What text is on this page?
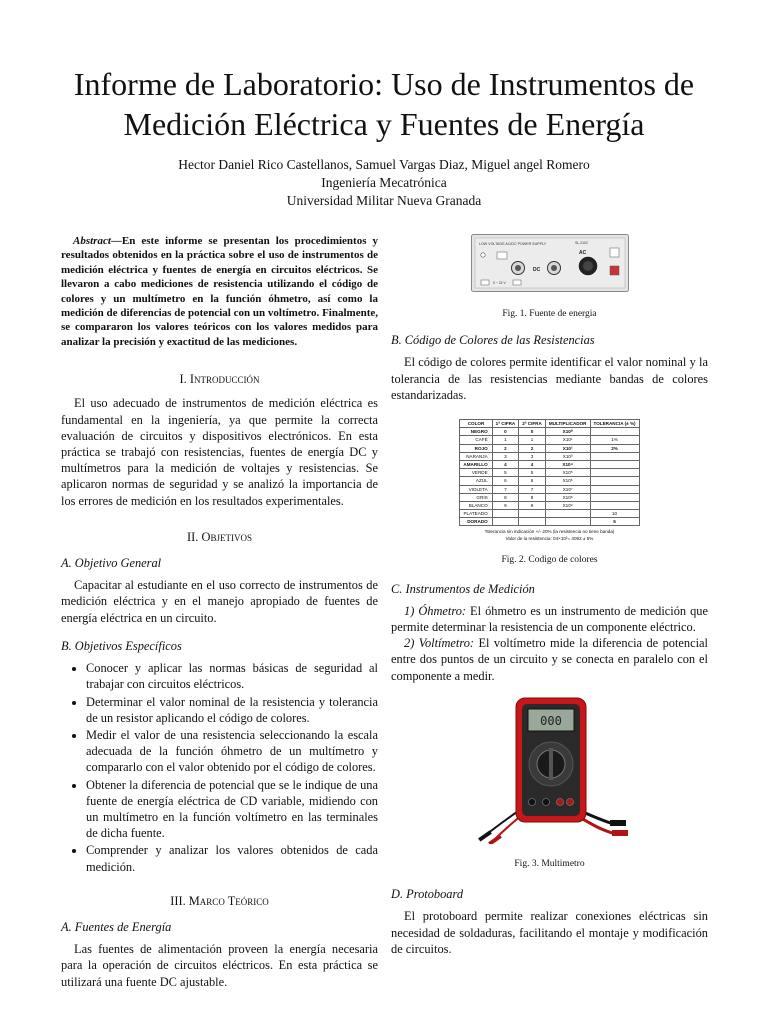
Informe de Laboratorio: Uso de Instrumentos de Medición Eléctrica y Fuentes de Energía
Hector Daniel Rico Castellanos, Samuel Vargas Diaz, Miguel angel Romero
Ingeniería Mecatrónica
Universidad Militar Nueva Granada

Abstract—En este informe se presentan los procedimientos y resultados obtenidos en la práctica sobre el uso de instrumentos de medición eléctrica y fuentes de energía en circuitos eléctricos. Se llevaron a cabo mediciones de resistencia utilizando el código de colores y un multímetro en la función óhmetro, así como la medición de diferencias de potencial con un voltímetro. Finalmente, se compararon los valores teóricos con los valores medidos para analizar la precisión y exactitud de las mediciones.

I. Introducción

El uso adecuado de instrumentos de medición eléctrica es fundamental en la ingeniería, ya que permite la correcta evaluación de circuitos y dispositivos electrónicos. En esta práctica se trabajó con resistencias, fuentes de energía DC y multímetros para la medición de voltajes y resistencias. Se aplicaron normas de seguridad y se analizó la importancia de los errores de medición en los resultados experimentales.

II. Objetivos
A. Objetivo General

Capacitar al estudiante en el uso correcto de instrumentos de medición eléctrica y en el manejo apropiado de fuentes de energía eléctrica en un circuito.

B. Objetivos Específicos
• Conocer y aplicar las normas básicas de seguridad al trabajar con circuitos eléctricos.
• Determinar el valor nominal de la resistencia y tolerancia de un resistor aplicando el código de colores.
• Medir el valor de una resistencia seleccionando la escala adecuada de la función óhmetro de un multímetro y compararlo con el valor obtenido por el código de colores.
• Obtener la diferencia de potencial que se le indique de una fuente de energía eléctrica de CD variable, midiendo con un multímetro en la función voltímetro en las terminales de dicha fuente.
• Comprender y analizar los valores obtenidos de cada medición.
III. Marco Teórico
A. Fuentes de Energía

Las fuentes de alimentación proveen la energía necesaria para la operación de circuitos eléctricos. En esta práctica se utilizará una fuente DC ajustable.

LOW VOLTAGE AC/DC POWER SUPPLY	SL-2102
AC
DC
0 ~ 24 V
Fig. 1. Fuente de energia
B. Código de Colores de las Resistencias

El código de colores permite identificar el valor nominal y la tolerancia de las resistencias mediante bandas de colores estandarizadas.

COLOR	1ª CIFRA	2ª CIFRA	MULTIPLICADOR	TOLERANCIA (± %)
NEGRO	0	0	X10⁰	
CAFÉ	1	1	X10¹	1%
ROJO	2	2	X10²	2%
NARANJA	3	3	X10³	
AMARILLO	4	4	X10⁴	
VERDE	5	5	X10⁵	
AZUL	6	6	X10⁶	
VIOLETA	7	7	X10⁷	
GRIS	8	8	X10⁸	
BLANCO	9	9	X10⁹	
PLATEADO				10
DORADO				5
Tolerancia sin indicación +/- 20% (la resistencia no tiene banda)
Valor de la resistencia: 04×10²= 4092 ± 5%
Fig. 2. Codigo de colores
C. Instrumentos de Medición

1) Óhmetro: El óhmetro es un instrumento de medición que permite determinar la resistencia de un componente eléctrico.

2) Voltímetro: El voltímetro mide la diferencia de potencial entre dos puntos de un circuito y se conecta en paralelo con el componente a medir.

000
Fig. 3. Multimetro
D. Protoboard

El protoboard permite realizar conexiones eléctricas sin necesidad de soldaduras, facilitando el montaje y modificación de circuitos.
